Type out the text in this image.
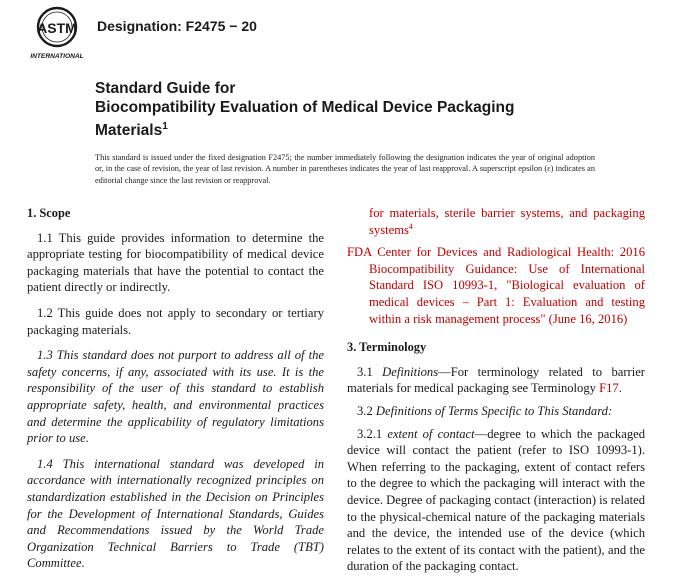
ASTM
INTERNATIONAL
Designation: F2475 − 20
Standard Guide for
Biocompatibility Evaluation of Medical Device Packaging
Materials$^1$
This standard is issued under the fixed designation F2475; the number immediately following the designation indicates the year of original adoption or, in the case of revision, the year of last revision. A number in parentheses indicates the year of last reapproval. A superscript epsilon (ε) indicates an editorial change since the last revision or reapproval.
1. Scope
1.1 This guide provides information to determine the appropriate testing for biocompatibility of medical device packaging materials that have the potential to contact the patient directly or indirectly.
1.2 This guide does not apply to secondary or tertiary packaging materials.
1.3 This standard does not purport to address all of the safety concerns, if any, associated with its use. It is the responsibility of the user of this standard to establish appropriate safety, health, and environmental practices and determine the applicability of regulatory limitations prior to use.
1.4 This international standard was developed in accordance with internationally recognized principles on standardization established in the Decision on Principles for the Development of International Standards, Guides and Recommendations issued by the World Trade Organization Technical Barriers to Trade (TBT) Committee.
for materials, sterile barrier systems, and packaging systems$^4$
FDA Center for Devices and Radiological Health: 2016 Biocompatibility Guidance: Use of International Standard ISO 10993-1, "Biological evaluation of medical devices – Part 1: Evaluation and testing within a risk management process" (June 16, 2016)
3. Terminology
3.1 Definitions—For terminology related to barrier materials for medical packaging see Terminology F17.
3.2 Definitions of Terms Specific to This Standard:
3.2.1 extent of contact—degree to which the packaged device will contact the patient (refer to ISO 10993-1). When referring to the packaging, extent of contact refers to the degree to which the packaging will interact with the device. Degree of packaging contact (interaction) is related to the physical-chemical nature of the packaging materials and the device, the intended use of the device (which relates to the extent of its contact with the patient), and the duration of the packaging contact.
